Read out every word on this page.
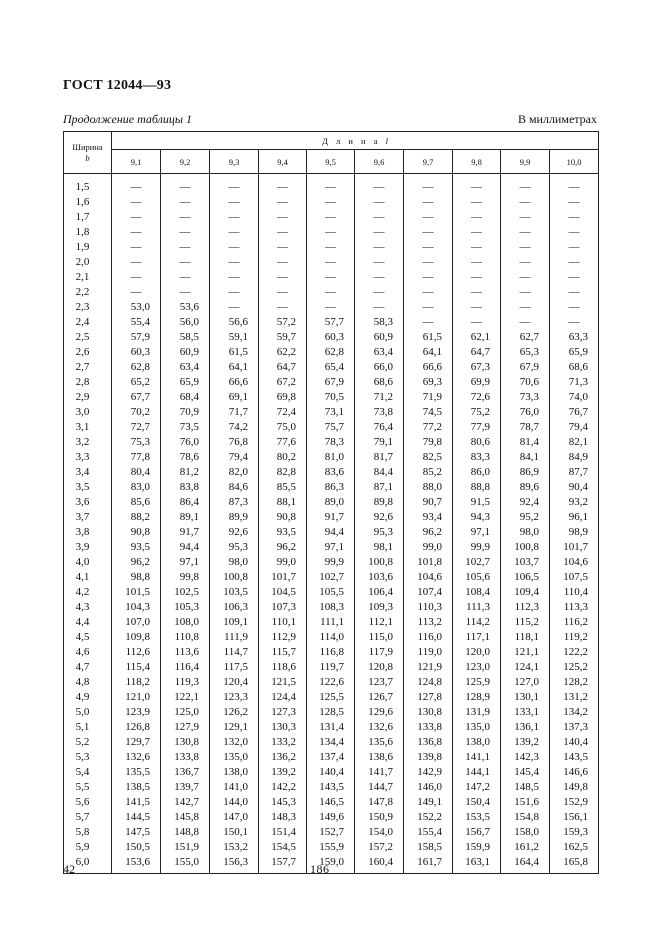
ГОСТ 12044—93
Продолжение таблицы 1	В миллиметрах
Ширина
b	Д л и н а l									
	9,1	9,2	9,3	9,4	9,5	9,6	9,7	9,8	9,9	10,0
1,5	—	—	—	—	—	—	—	—	—	—
1,6	—	—	—	—	—	—	—	—	—	—
1,7	—	—	—	—	—	—	—	—	—	—
1,8	—	—	—	—	—	—	—	—	—	—
1,9	—	—	—	—	—	—	—	—	—	—
2,0	—	—	—	—	—	—	—	—	—	—
2,1	—	—	—	—	—	—	—	—	—	—
2,2	—	—	—	—	—	—	—	—	—	—
2,3	53,0	53,6	—	—	—	—	—	—	—	—
2,4	55,4	56,0	56,6	57,2	57,7	58,3	—	—	—	—
2,5	57,9	58,5	59,1	59,7	60,3	60,9	61,5	62,1	62,7	63,3
2,6	60,3	60,9	61,5	62,2	62,8	63,4	64,1	64,7	65,3	65,9
2,7	62,8	63,4	64,1	64,7	65,4	66,0	66,6	67,3	67,9	68,6
2,8	65,2	65,9	66,6	67,2	67,9	68,6	69,3	69,9	70,6	71,3
2,9	67,7	68,4	69,1	69,8	70,5	71,2	71,9	72,6	73,3	74,0
3,0	70,2	70,9	71,7	72,4	73,1	73,8	74,5	75,2	76,0	76,7
3,1	72,7	73,5	74,2	75,0	75,7	76,4	77,2	77,9	78,7	79,4
3,2	75,3	76,0	76,8	77,6	78,3	79,1	79,8	80,6	81,4	82,1
3,3	77,8	78,6	79,4	80,2	81,0	81,7	82,5	83,3	84,1	84,9
3,4	80,4	81,2	82,0	82,8	83,6	84,4	85,2	86,0	86,9	87,7
3,5	83,0	83,8	84,6	85,5	86,3	87,1	88,0	88,8	89,6	90,4
3,6	85,6	86,4	87,3	88,1	89,0	89,8	90,7	91,5	92,4	93,2
3,7	88,2	89,1	89,9	90,8	91,7	92,6	93,4	94,3	95,2	96,1
3,8	90,8	91,7	92,6	93,5	94,4	95,3	96,2	97,1	98,0	98,9
3,9	93,5	94,4	95,3	96,2	97,1	98,1	99,0	99,9	100,8	101,7
4,0	96,2	97,1	98,0	99,0	99,9	100,8	101,8	102,7	103,7	104,6
4,1	98,8	99,8	100,8	101,7	102,7	103,6	104,6	105,6	106,5	107,5
4,2	101,5	102,5	103,5	104,5	105,5	106,4	107,4	108,4	109,4	110,4
4,3	104,3	105,3	106,3	107,3	108,3	109,3	110,3	111,3	112,3	113,3
4,4	107,0	108,0	109,1	110,1	111,1	112,1	113,2	114,2	115,2	116,2
4,5	109,8	110,8	111,9	112,9	114,0	115,0	116,0	117,1	118,1	119,2
4,6	112,6	113,6	114,7	115,7	116,8	117,9	119,0	120,0	121,1	122,2
4,7	115,4	116,4	117,5	118,6	119,7	120,8	121,9	123,0	124,1	125,2
4,8	118,2	119,3	120,4	121,5	122,6	123,7	124,8	125,9	127,0	128,2
4,9	121,0	122,1	123,3	124,4	125,5	126,7	127,8	128,9	130,1	131,2
5,0	123,9	125,0	126,2	127,3	128,5	129,6	130,8	131,9	133,1	134,2
5,1	126,8	127,9	129,1	130,3	131,4	132,6	133,8	135,0	136,1	137,3
5,2	129,7	130,8	132,0	133,2	134,4	135,6	136,8	138,0	139,2	140,4
5,3	132,6	133,8	135,0	136,2	137,4	138,6	139,8	141,1	142,3	143,5
5,4	135,5	136,7	138,0	139,2	140,4	141,7	142,9	144,1	145,4	146,6
5,5	138,5	139,7	141,0	142,2	143,5	144,7	146,0	147,2	148,5	149,8
5,6	141,5	142,7	144,0	145,3	146,5	147,8	149,1	150,4	151,6	152,9
5,7	144,5	145,8	147,0	148,3	149,6	150,9	152,2	153,5	154,8	156,1
5,8	147,5	148,8	150,1	151,4	152,7	154,0	155,4	156,7	158,0	159,3
5,9	150,5	151,9	153,2	154,5	155,9	157,2	158,5	159,9	161,2	162,5
6,0	153,6	155,0	156,3	157,7	159,0	160,4	161,7	163,1	164,4	165,8
42	186
